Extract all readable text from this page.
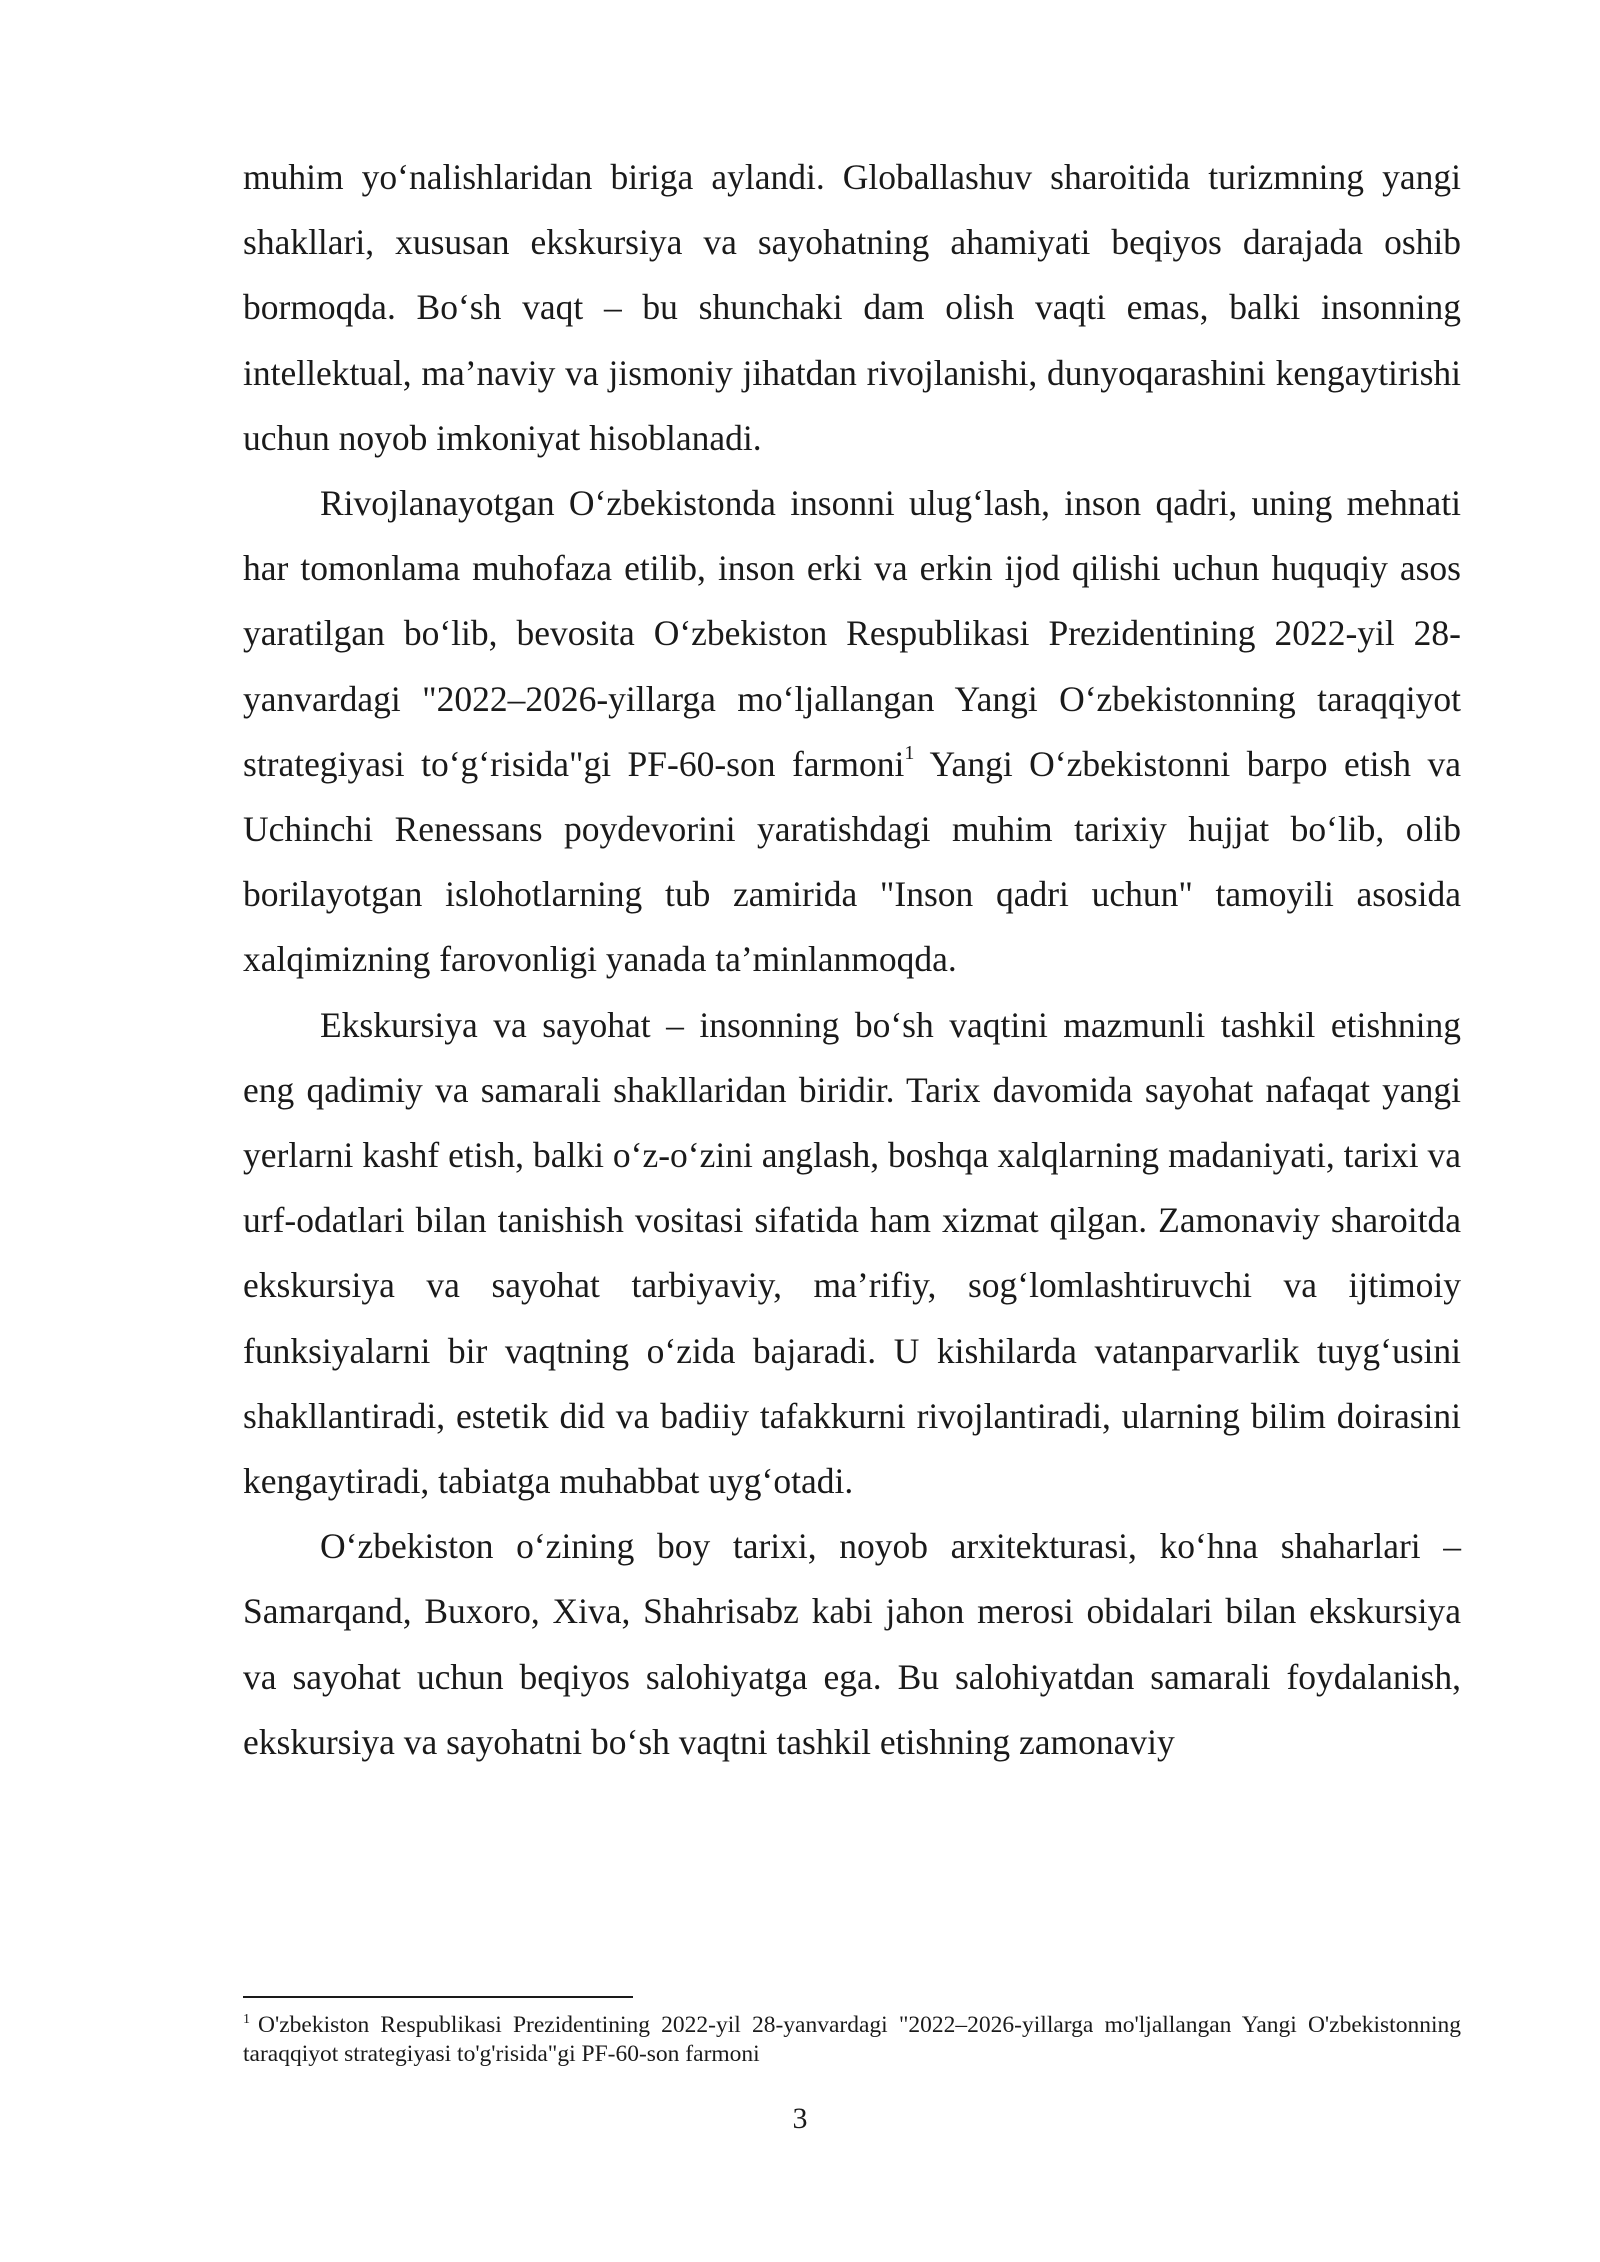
muhim yo‘nalishlaridan biriga aylandi. Globallashuv sharoitida turizmning yangi shakllari, xususan ekskursiya va sayohatning ahamiyati beqiyos darajada oshib bormoqda. Bo‘sh vaqt – bu shunchaki dam olish vaqti emas, balki insonning intellektual, ma’naviy va jismoniy jihatdan rivojlanishi, dunyoqarashini kengaytirishi uchun noyob imkoniyat hisoblanadi.

Rivojlanayotgan O‘zbekistonda insonni ulug‘lash, inson qadri, uning mehnati har tomonlama muhofaza etilib, inson erki va erkin ijod qilishi uchun huquqiy asos yaratilgan bo‘lib, bevosita O‘zbekiston Respublikasi Prezidentining 2022-yil 28-yanvardagi "2022–2026-yillarga mo‘ljallangan Yangi O‘zbekistonning taraqqiyot strategiyasi to‘g‘risida"gi PF-60-son farmoni$^1$ Yangi O‘zbekistonni barpo etish va Uchinchi Renessans poydevorini yaratishdagi muhim tarixiy hujjat bo‘lib, olib borilayotgan islohotlarning tub zamirida "Inson qadri uchun" tamoyili asosida xalqimizning farovonligi yanada ta’minlanmoqda.

Ekskursiya va sayohat – insonning bo‘sh vaqtini mazmunli tashkil etishning eng qadimiy va samarali shakllaridan biridir. Tarix davomida sayohat nafaqat yangi yerlarni kashf etish, balki o‘z-o‘zini anglash, boshqa xalqlarning madaniyati, tarixi va urf-odatlari bilan tanishish vositasi sifatida ham xizmat qilgan. Zamonaviy sharoitda ekskursiya va sayohat tarbiyaviy, ma’rifiy, sog‘lomlashtiruvchi va ijtimoiy funksiyalarni bir vaqtning o‘zida bajaradi. U kishilarda vatanparvarlik tuyg‘usini shakllantiradi, estetik did va badiiy tafakkurni rivojlantiradi, ularning bilim doirasini kengaytiradi, tabiatga muhabbat uyg‘otadi.

O‘zbekiston o‘zining boy tarixi, noyob arxitekturasi, ko‘hna shaharlari – Samarqand, Buxoro, Xiva, Shahrisabz kabi jahon merosi obidalari bilan ekskursiya va sayohat uchun beqiyos salohiyatga ega. Bu salohiyatdan samarali foydalanish, ekskursiya va sayohatni bo‘sh vaqtni tashkil etishning zamonaviy

$^1$ O'zbekiston Respublikasi Prezidentining 2022-yil 28-yanvardagi "2022–2026-yillarga mo'ljallangan Yangi O'zbekistonning taraqqiyot strategiyasi to'g'risida"gi PF-60-son farmoni

3
